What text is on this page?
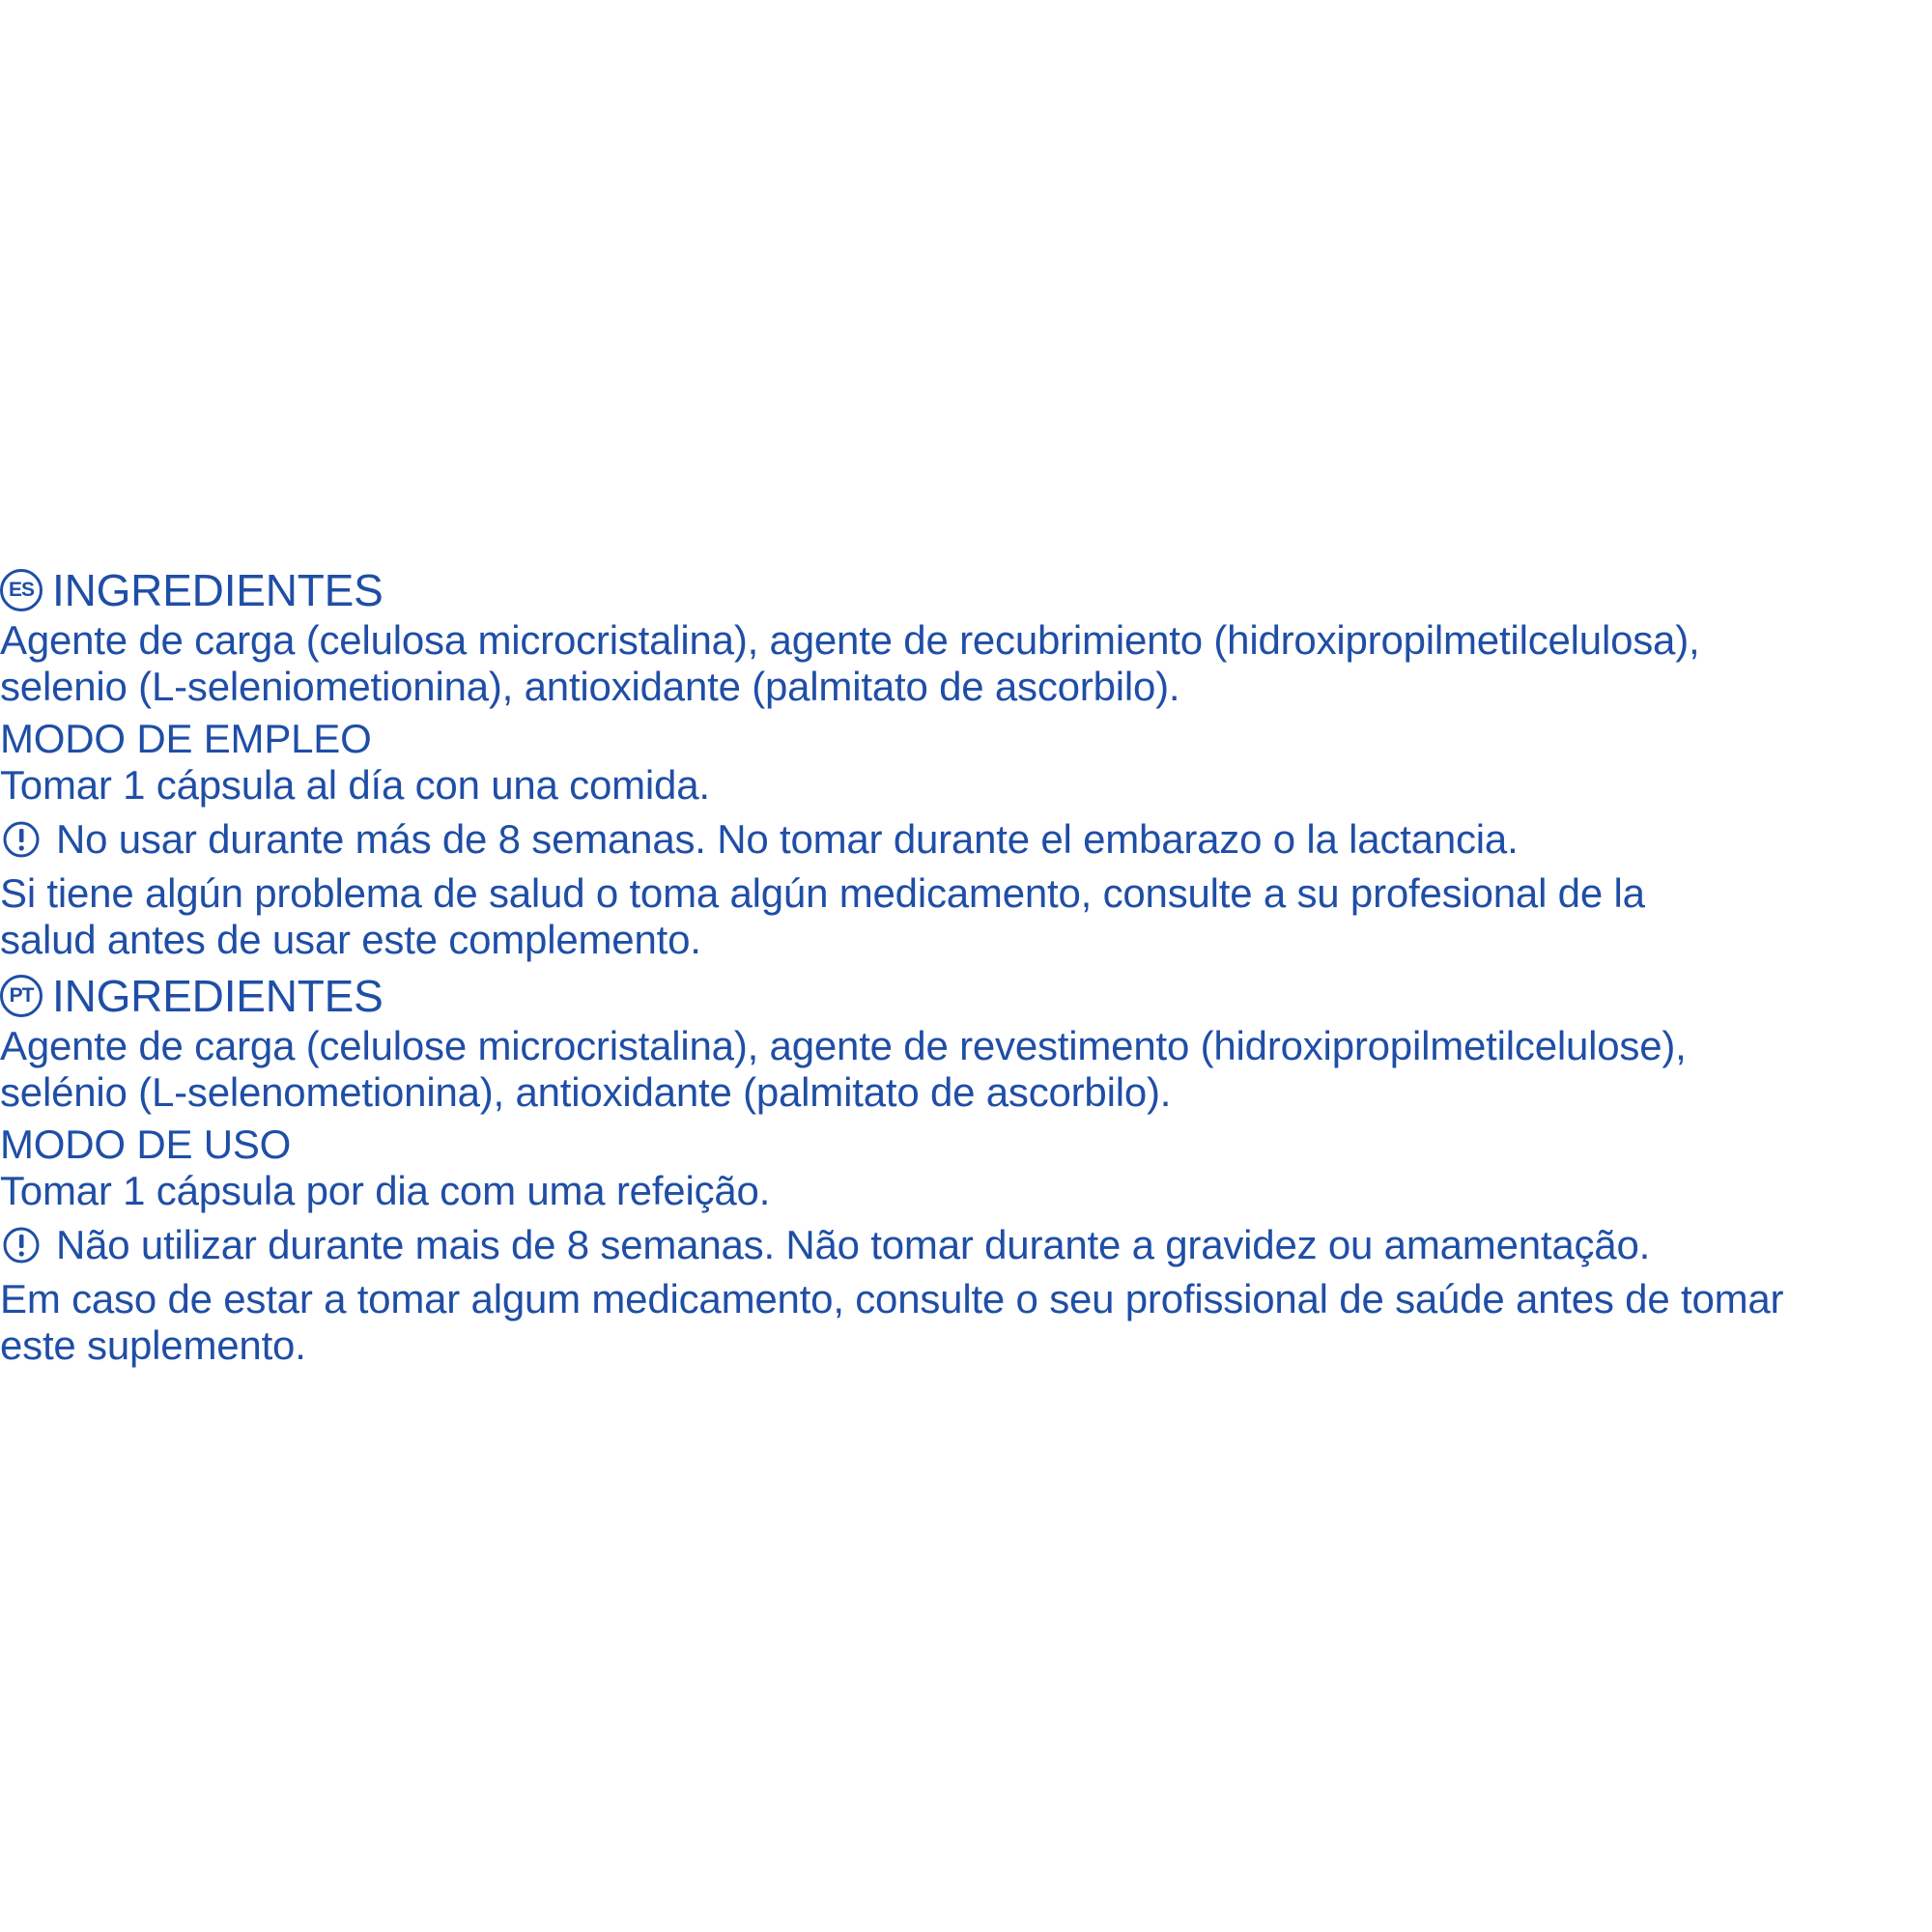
ES INGREDIENTES
Agente de carga (celulosa microcristalina), agente de recubrimiento (hidroxipropilmetilcelulosa),
selenio (L-seleniometionina), antioxidante (palmitato de ascorbilo).
MODO DE EMPLEO
Tomar 1 cápsula al día con una comida.
No usar durante más de 8 semanas. No tomar durante el embarazo o la lactancia.
Si tiene algún problema de salud o toma algún medicamento, consulte a su profesional de la
salud antes de usar este complemento.
PT INGREDIENTES
Agente de carga (celulose microcristalina), agente de revestimento (hidroxipropilmetilcelulose),
selénio (L-selenometionina), antioxidante (palmitato de ascorbilo).
MODO DE USO
Tomar 1 cápsula por dia com uma refeição.
Não utilizar durante mais de 8 semanas. Não tomar durante a gravidez ou amamentação.
Em caso de estar a tomar algum medicamento, consulte o seu profissional de saúde antes de tomar
este suplemento.
